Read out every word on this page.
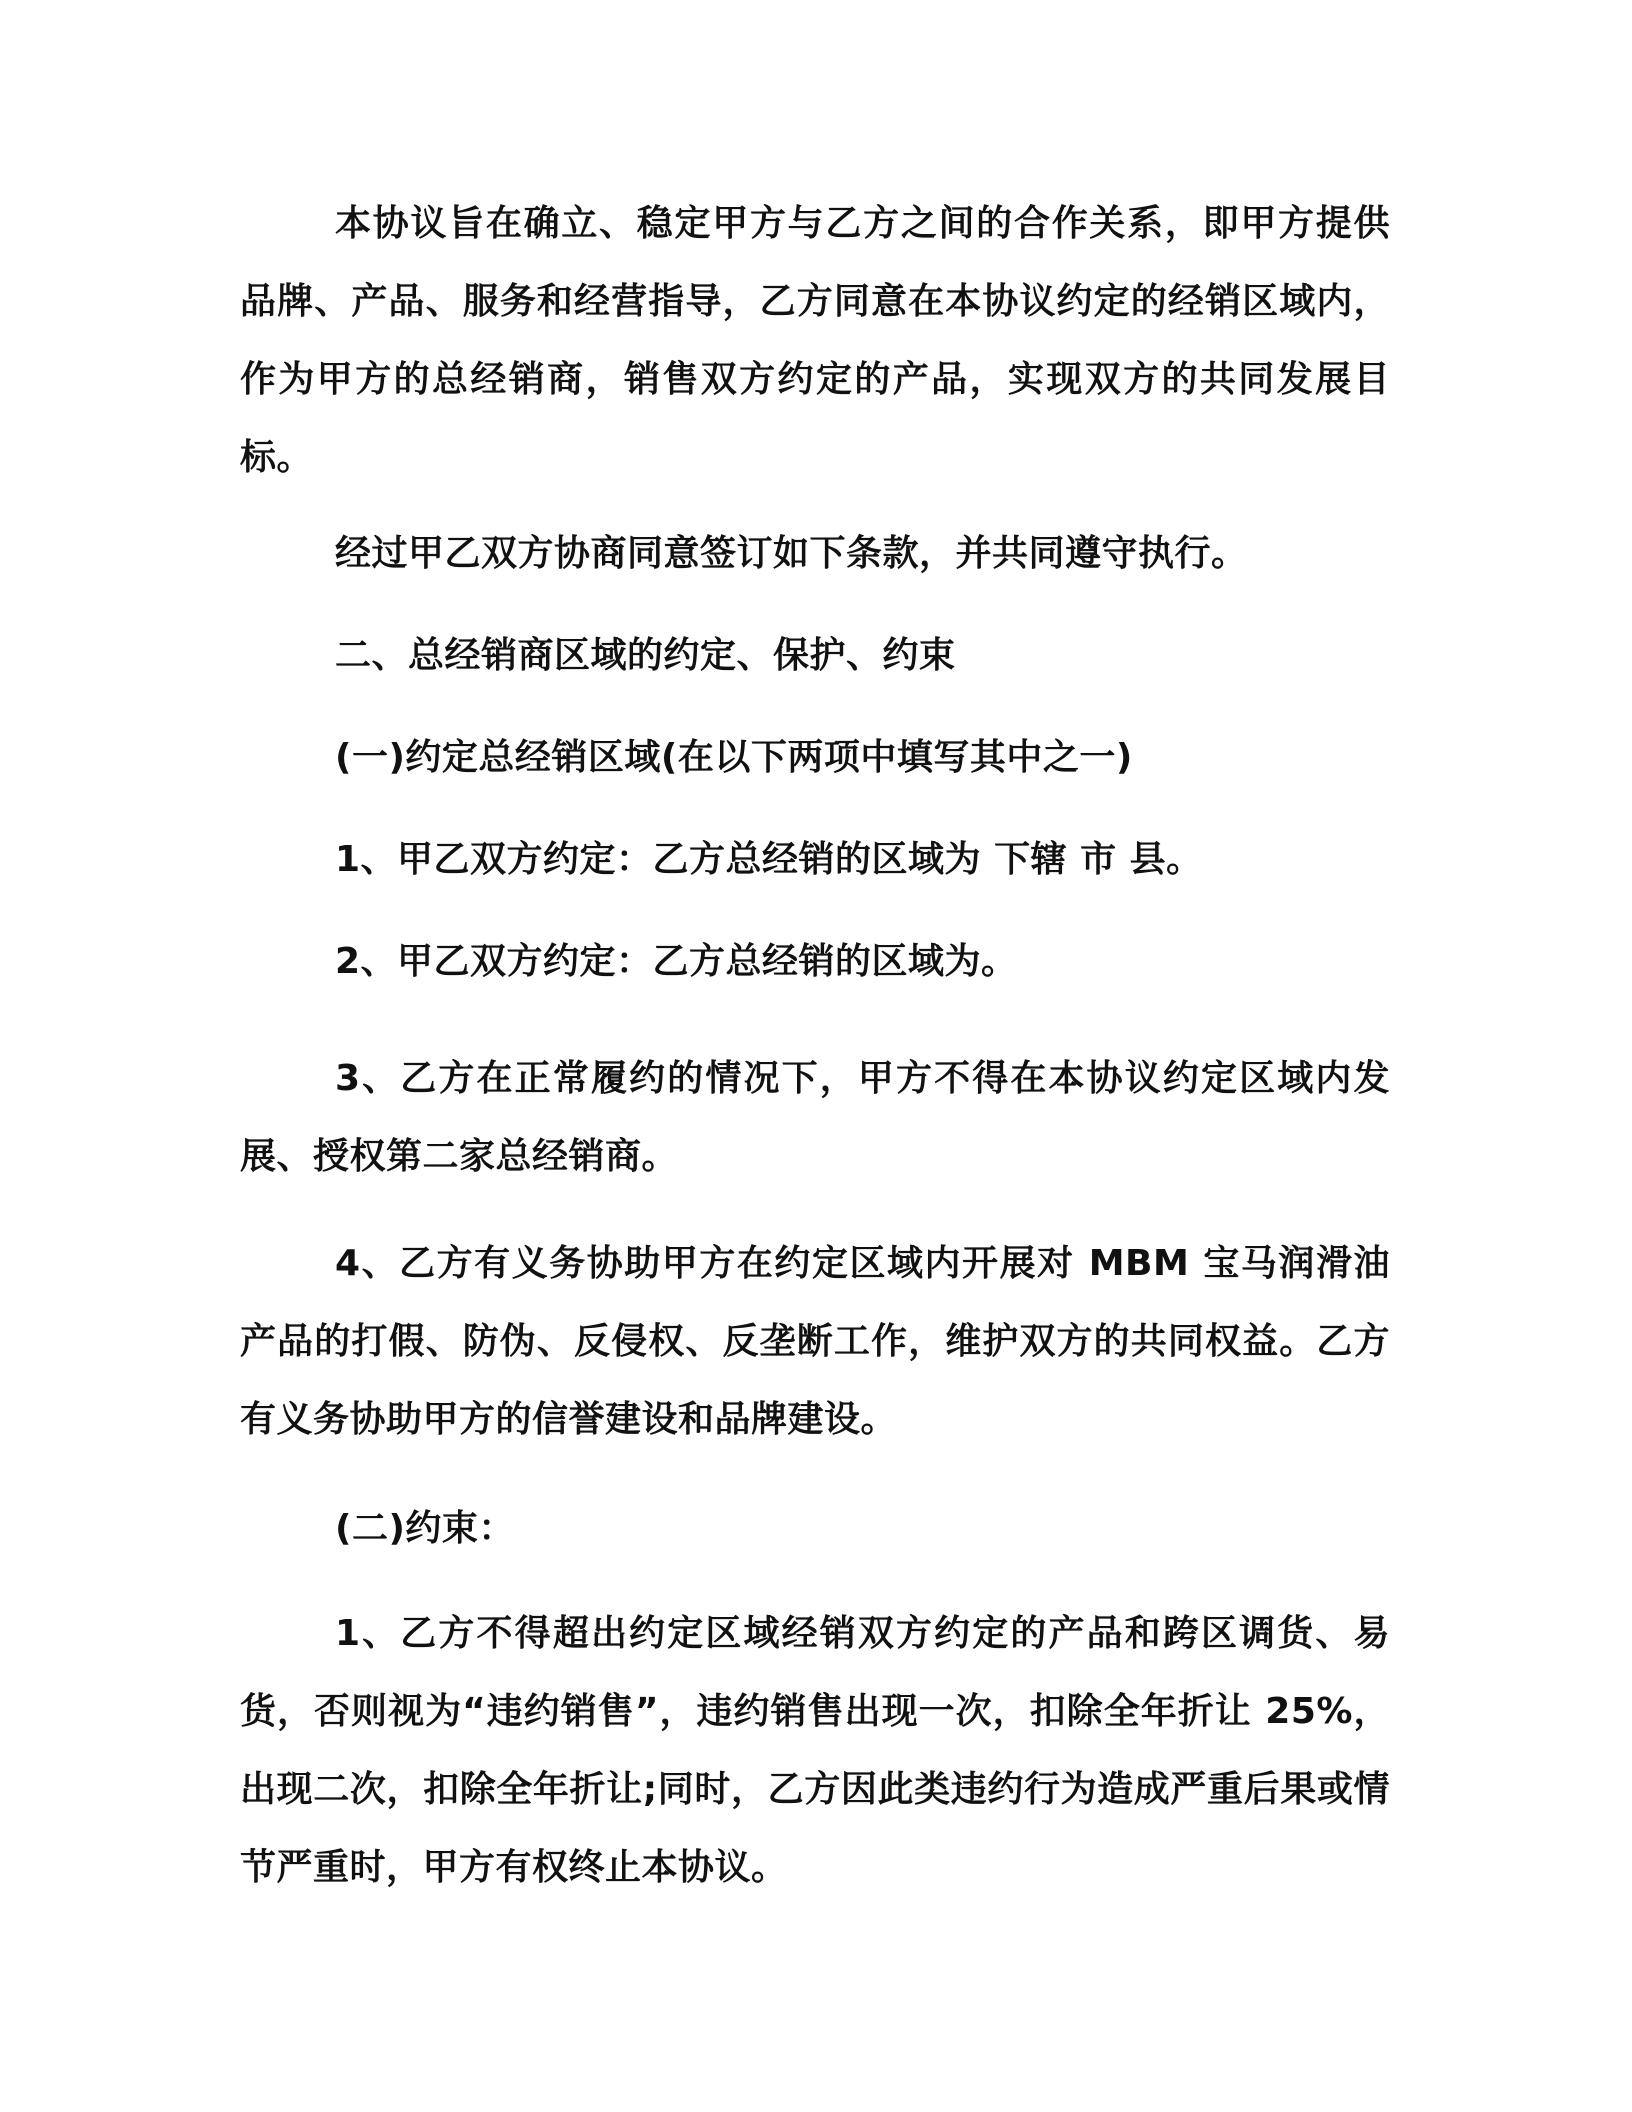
本协议旨在确立、稳定甲方与乙方之间的合作关系，即甲方提供品牌、产品、服务和经营指导，乙方同意在本协议约定的经销区域内，作为甲方的总经销商，销售双方约定的产品，实现双方的共同发展目标。

经过甲乙双方协商同意签订如下条款，并共同遵守执行。

二、总经销商区域的约定、保护、约束

(一)约定总经销区域(在以下两项中填写其中之一)

1、甲乙双方约定：乙方总经销的区域为 下辖 市 县。

2、甲乙双方约定：乙方总经销的区域为。

3、乙方在正常履约的情况下，甲方不得在本协议约定区域内发展、授权第二家总经销商。

4、乙方有义务协助甲方在约定区域内开展对 MBM 宝马润滑油产品的打假、防伪、反侵权、反垄断工作，维护双方的共同权益。乙方有义务协助甲方的信誉建设和品牌建设。

(二)约束：

1、乙方不得超出约定区域经销双方约定的产品和跨区调货、易货，否则视为“违约销售”，违约销售出现一次，扣除全年折让 25%，出现二次，扣除全年折让;同时，乙方因此类违约行为造成严重后果或情节严重时，甲方有权终止本协议。
